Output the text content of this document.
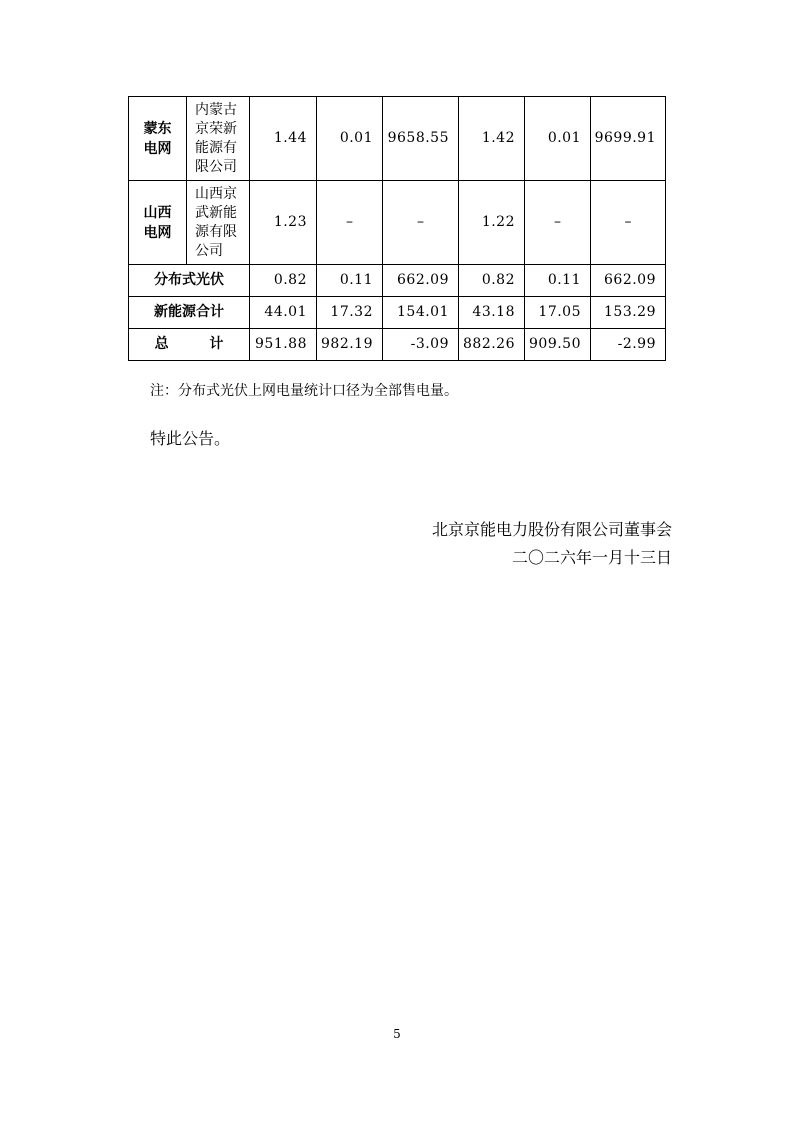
蒙东电网	内蒙古京荣新能源有限公司	1.44	0.01	9658.55	1.42	0.01	9699.91
山西电网	山西京武新能源有限公司	1.23	–	–	1.22	–	–
分布式光伏		0.82	0.11	662.09	0.82	0.11	662.09
新能源合计		44.01	17.32	154.01	43.18	17.05	153.29
总 计		951.88	982.19	-3.09	882.26	909.50	-2.99
注：分布式光伏上网电量统计口径为全部售电量。
特此公告。
北京京能电力股份有限公司董事会
二〇二六年一月十三日
5
